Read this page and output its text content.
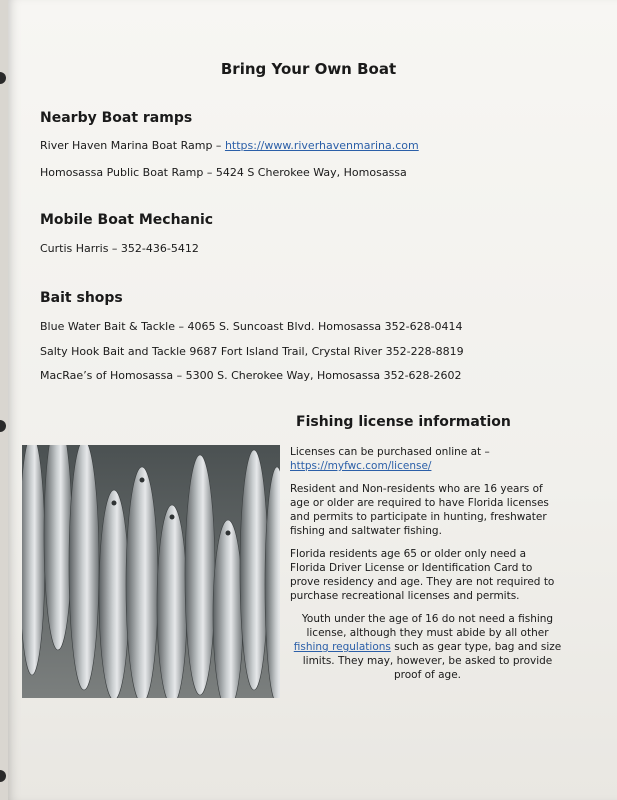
Bring Your Own Boat
Nearby Boat ramps
River Haven Marina Boat Ramp – https://www.riverhavenmarina.com
Homosassa Public Boat Ramp – 5424 S Cherokee Way, Homosassa
Mobile Boat Mechanic
Curtis Harris – 352-436-5412
Bait shops
Blue Water Bait & Tackle – 4065 S. Suncoast Blvd. Homosassa 352-628-0414
Salty Hook Bait and Tackle 9687 Fort Island Trail, Crystal River 352-228-8819
MacRae’s of Homosassa – 5300 S. Cherokee Way, Homosassa 352-628-2602
Fishing license information

Licenses can be purchased online at –
https://myfwc.com/license/

Resident and Non-residents who are 16 years of age or older are required to have Florida licenses and permits to participate in hunting, freshwater fishing and saltwater fishing.

Florida residents age 65 or older only need a Florida Driver License or Identification Card to prove residency and age. They are not required to purchase recreational licenses and permits.

Youth under the age of 16 do not need a fishing license, although they must abide by all other fishing regulations such as gear type, bag and size limits. They may, however, be asked to provide proof of age.
